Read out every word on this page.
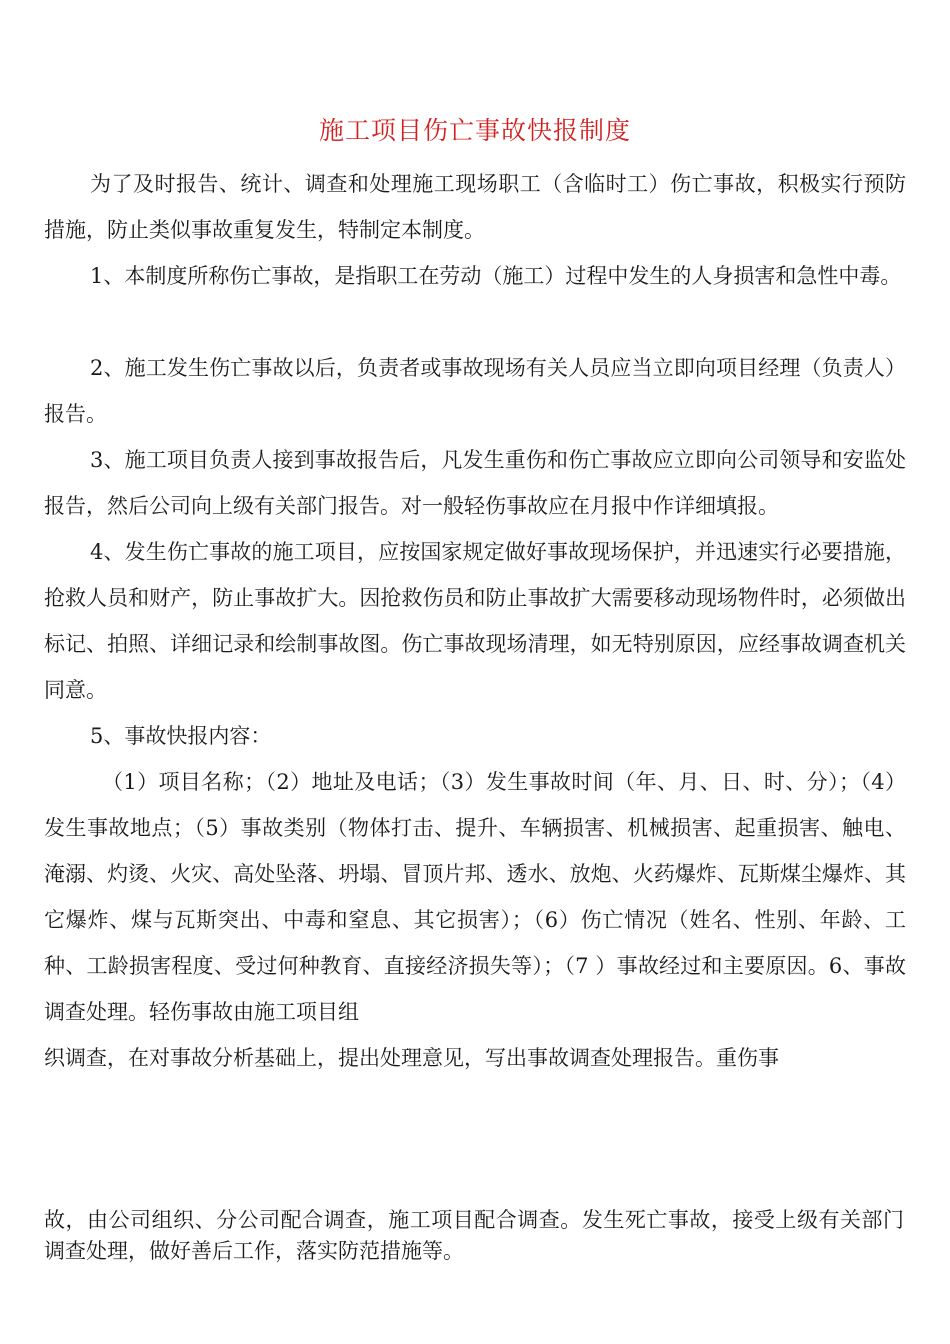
施工项目伤亡事故快报制度

为了及时报告、统计、调查和处理施工现场职工（含临时工）伤亡事故，积极实行预防措施，防止类似事故重复发生，特制定本制度。

1、本制度所称伤亡事故，是指职工在劳动（施工）过程中发生的人身损害和急性中毒。

2、施工发生伤亡事故以后，负责者或事故现场有关人员应当立即向项目经理（负责人）报告。

3、施工项目负责人接到事故报告后，凡发生重伤和伤亡事故应立即向公司领导和安监处报告，然后公司向上级有关部门报告。对一般轻伤事故应在月报中作详细填报。

4、发生伤亡事故的施工项目，应按国家规定做好事故现场保护，并迅速实行必要措施，抢救人员和财产，防止事故扩大。因抢救伤员和防止事故扩大需要移动现场物件时，必须做出标记、拍照、详细记录和绘制事故图。伤亡事故现场清理，如无特别原因，应经事故调查机关同意。

5、事故快报内容：

（1）项目名称；（2）地址及电话；（3）发生事故时间（年、月、日、时、分）；（4）发生事故地点；（5）事故类别（物体打击、提升、车辆损害、机械损害、起重损害、触电、淹溺、灼烫、火灾、高处坠落、坍塌、冒顶片邦、透水、放炮、火药爆炸、瓦斯煤尘爆炸、其它爆炸、煤与瓦斯突出、中毒和窒息、其它损害）；（6）伤亡情况（姓名、性别、年龄、工种、工龄损害程度、受过何种教育、直接经济损失等）；（7 ）事故经过和主要原因。6、事故调查处理。轻伤事故由施工项目组

织调查，在对事故分析基础上，提出处理意见，写出事故调查处理报告。重伤事

故，由公司组织、分公司配合调查，施工项目配合调查。发生死亡事故，接受上级有关部门调查处理，做好善后工作，落实防范措施等。
